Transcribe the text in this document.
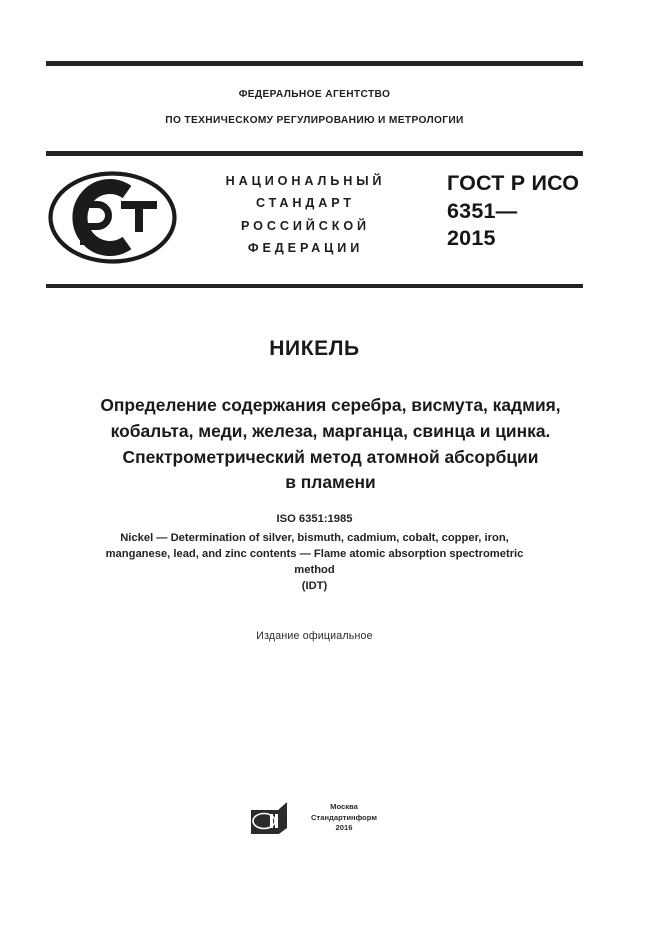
ФЕДЕРАЛЬНОЕ АГЕНТСТВО
ПО ТЕХНИЧЕСКОМУ РЕГУЛИРОВАНИЮ И МЕТРОЛОГИИ
НАЦИОНАЛЬНЫЙ
СТАНДАРТ
РОССИЙСКОЙ
ФЕДЕРАЦИИ
ГОСТ Р ИСО
6351—
2015
НИКЕЛЬ
Определение содержания серебра, висмута, кадмия,
кобальта, меди, железа, марганца, свинца и цинка.
Спектрометрический метод атомной абсорбции
в пламени
ISO 6351:1985
Nickel — Determination of silver, bismuth, cadmium, cobalt, copper, iron,
manganese, lead, and zinc contents — Flame atomic absorption spectrometric
method
(IDT)
Издание официальное
Москва
Стандартинформ
2016
